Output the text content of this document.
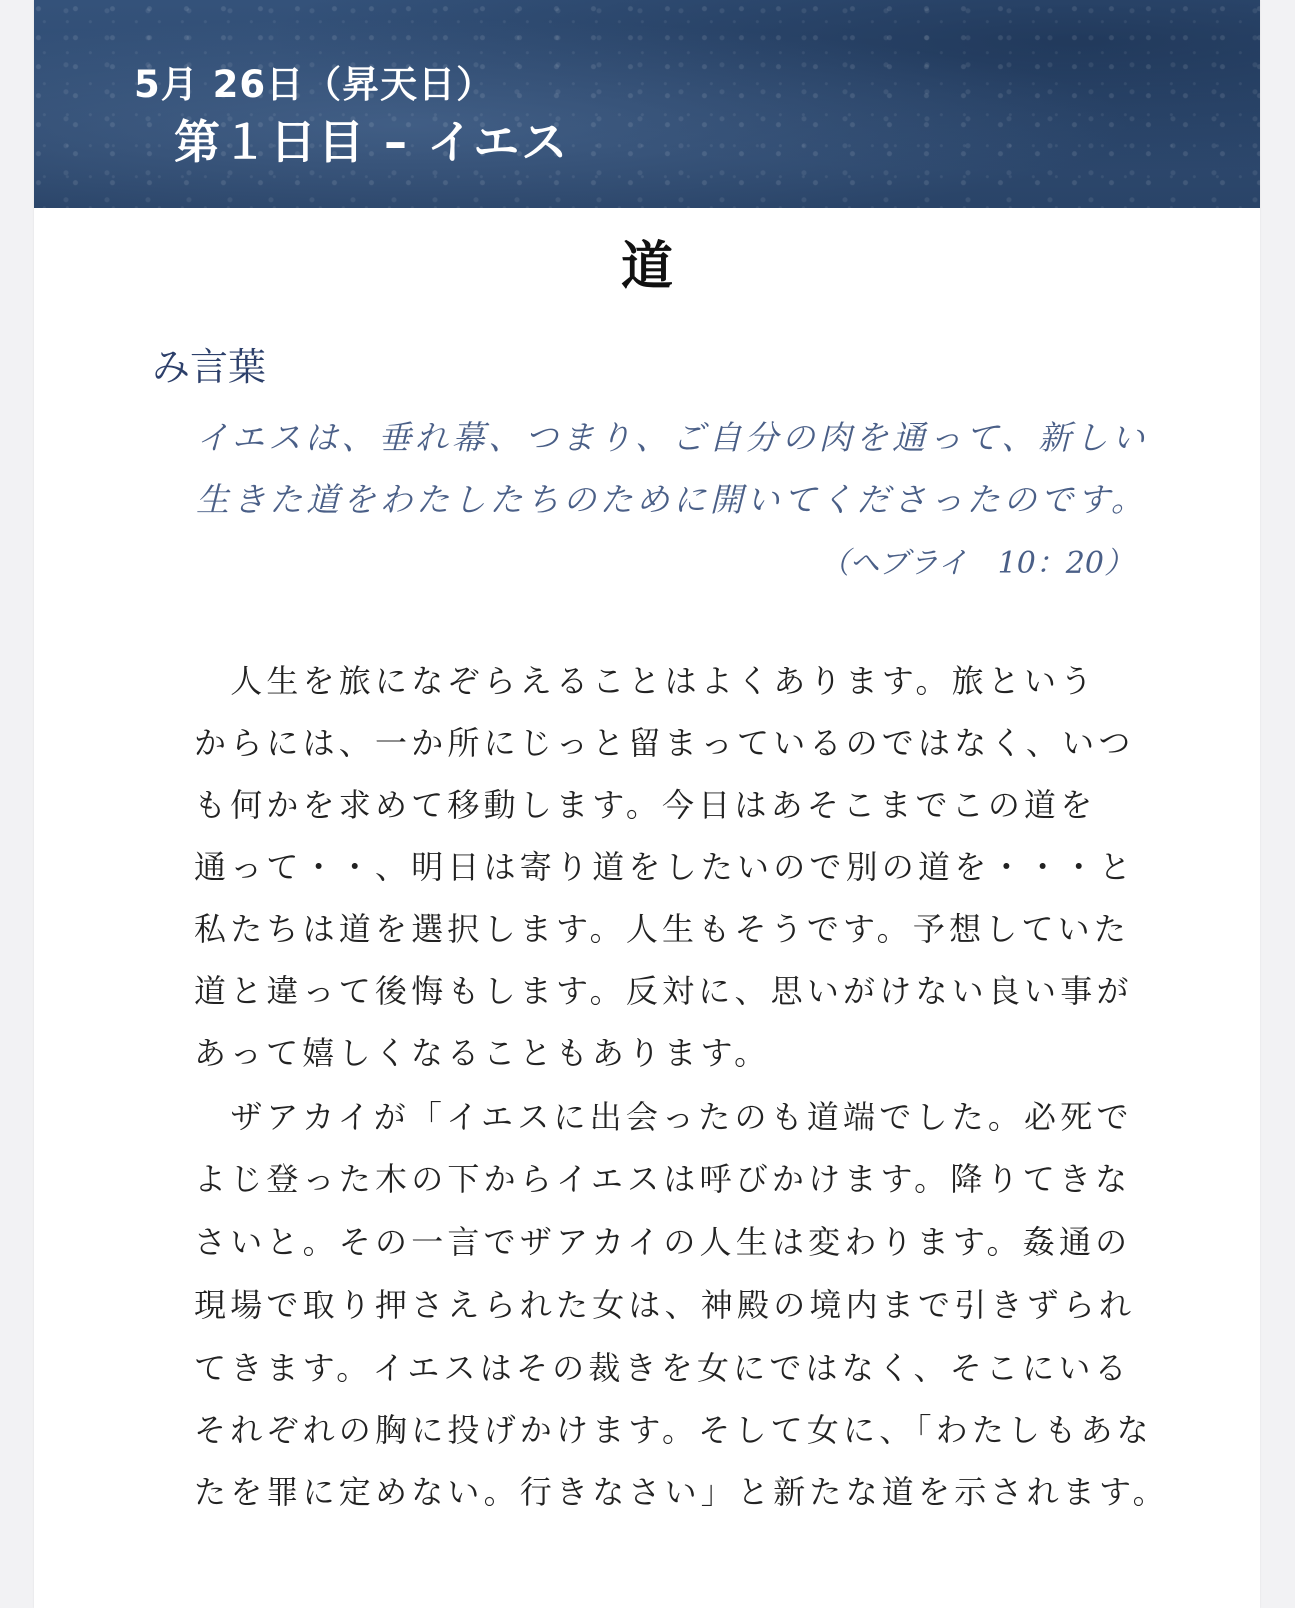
5月 26日（昇天日）
第１日目 – イエス
道
み言葉
イエスは、垂れ幕、つまり、ご自分の肉を通って、新しい
生きた道をわたしたちのために開いてくださったのです。
（ヘブライ　10：20）
　人生を旅になぞらえることはよくあります。旅という
からには、一か所にじっと留まっているのではなく、いつ
も何かを求めて移動します。今日はあそこまでこの道を
通って・・、明日は寄り道をしたいので別の道を・・・と
私たちは道を選択します。人生もそうです。予想していた
道と違って後悔もします。反対に、思いがけない良い事が
あって嬉しくなることもあります。
　ザアカイが「イエスに出会ったのも道端でした。必死で
よじ登った木の下からイエスは呼びかけます。降りてきな
さいと。その一言でザアカイの人生は変わります。姦通の
現場で取り押さえられた女は、神殿の境内まで引きずられ
てきます。イエスはその裁きを女にではなく、そこにいる
それぞれの胸に投げかけます。そして女に、「わたしもあな
たを罪に定めない。行きなさい」と新たな道を示されます。
